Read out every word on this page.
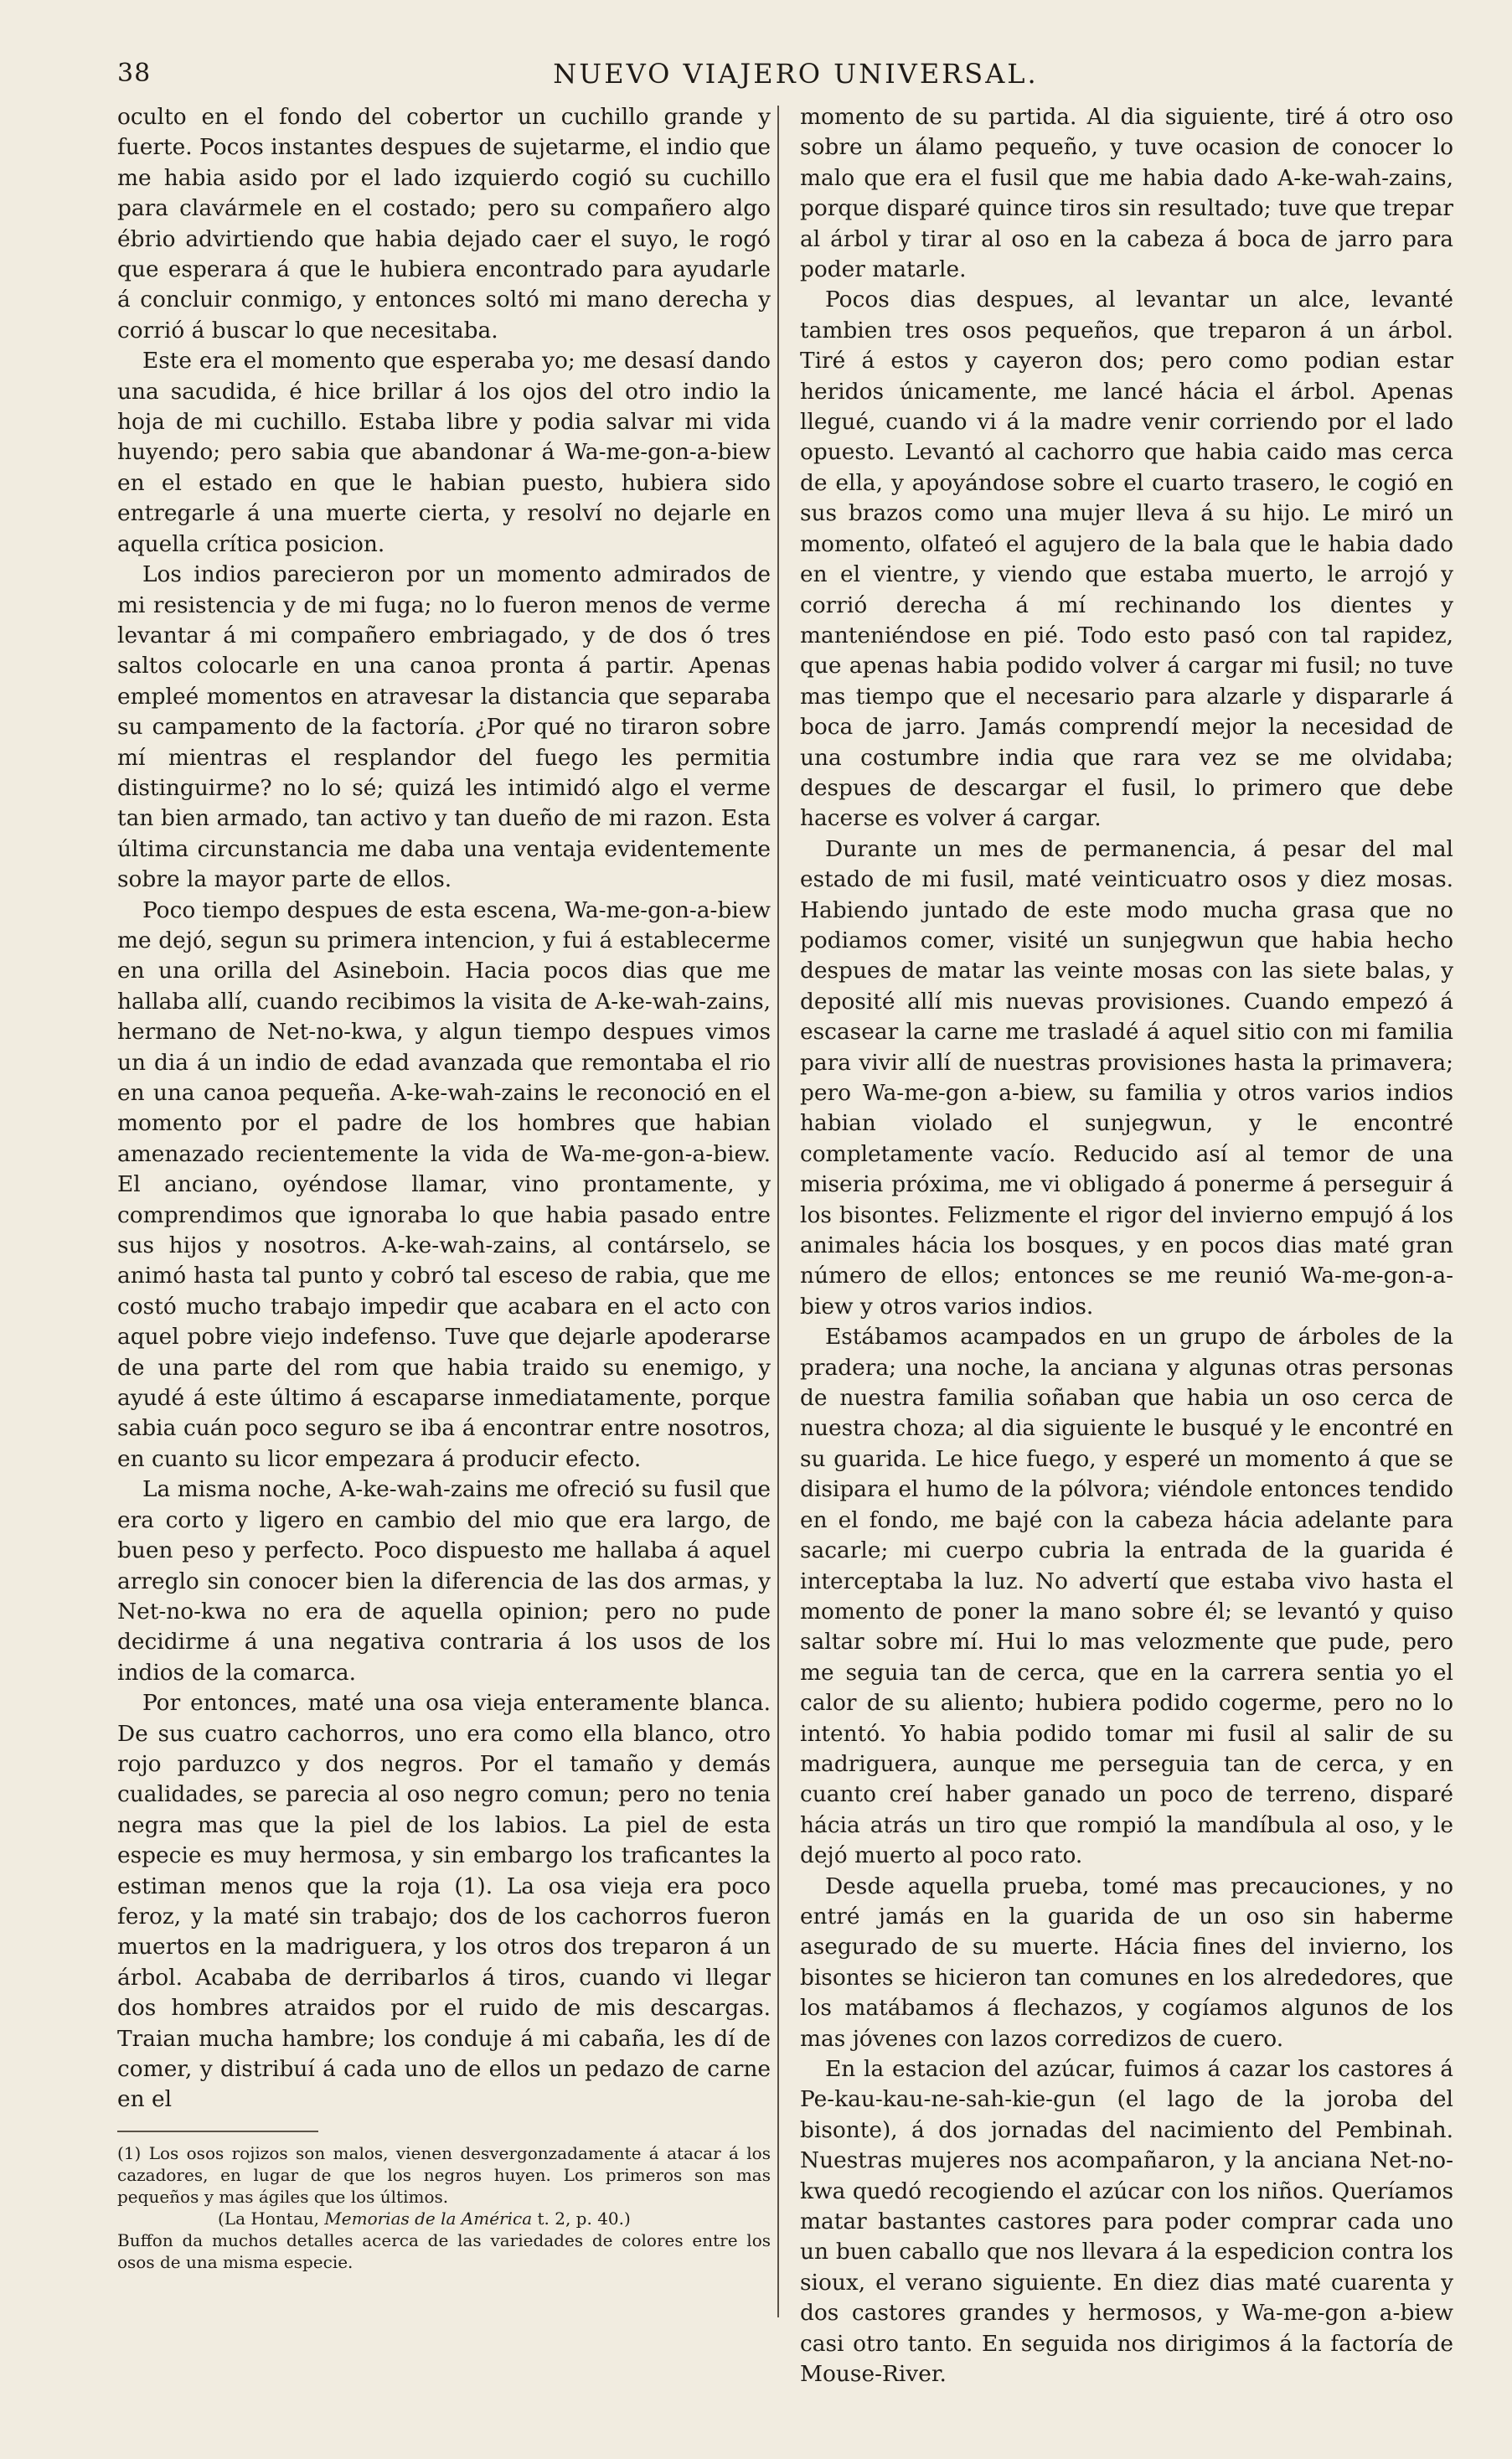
38	NUEVO VIAJERO UNIVERSAL.

oculto en el fondo del cobertor un cuchillo grande y fuerte. Pocos instantes despues de sujetarme, el indio que me habia asido por el lado izquierdo cogió su cuchillo para clavármele en el costado; pero su compañero algo ébrio advirtiendo que habia dejado caer el suyo, le rogó que esperara á que le hubiera encontrado para ayudarle á concluir conmigo, y entonces soltó mi mano derecha y corrió á buscar lo que necesitaba.

Este era el momento que esperaba yo; me desasí dando una sacudida, é hice brillar á los ojos del otro indio la hoja de mi cuchillo. Estaba libre y podia salvar mi vida huyendo; pero sabia que abandonar á Wa-me-gon-a-biew en el estado en que le habian puesto, hubiera sido entregarle á una muerte cierta, y resolví no dejarle en aquella crítica posicion.

Los indios parecieron por un momento admirados de mi resistencia y de mi fuga; no lo fueron menos de verme levantar á mi compañero embriagado, y de dos ó tres saltos colocarle en una canoa pronta á partir. Apenas empleé momentos en atravesar la distancia que separaba su campamento de la factoría. ¿Por qué no tiraron sobre mí mientras el resplandor del fuego les permitia distinguirme? no lo sé; quizá les intimidó algo el verme tan bien armado, tan activo y tan dueño de mi razon. Esta última circunstancia me daba una ventaja evidentemente sobre la mayor parte de ellos.

Poco tiempo despues de esta escena, Wa-me-gon-a-biew me dejó, segun su primera intencion, y fui á establecerme en una orilla del Asineboin. Hacia pocos dias que me hallaba allí, cuando recibimos la visita de A-ke-wah-zains, hermano de Net-no-kwa, y algun tiempo despues vimos un dia á un indio de edad avanzada que remontaba el rio en una canoa pequeña. A-ke-wah-zains le reconoció en el momento por el padre de los hombres que habian amenazado recientemente la vida de Wa-me-gon-a-biew. El anciano, oyéndose llamar, vino prontamente, y comprendimos que ignoraba lo que habia pasado entre sus hijos y nosotros. A-ke-wah-zains, al contárselo, se animó hasta tal punto y cobró tal esceso de rabia, que me costó mucho trabajo impedir que acabara en el acto con aquel pobre viejo indefenso. Tuve que dejarle apoderarse de una parte del rom que habia traido su enemigo, y ayudé á este último á escaparse inmediatamente, porque sabia cuán poco seguro se iba á encontrar entre nosotros, en cuanto su licor empezara á producir efecto.

La misma noche, A-ke-wah-zains me ofreció su fusil que era corto y ligero en cambio del mio que era largo, de buen peso y perfecto. Poco dispuesto me hallaba á aquel arreglo sin conocer bien la diferencia de las dos armas, y Net-no-kwa no era de aquella opinion; pero no pude decidirme á una negativa contraria á los usos de los indios de la comarca.

Por entonces, maté una osa vieja enteramente blanca. De sus cuatro cachorros, uno era como ella blanco, otro rojo parduzco y dos negros. Por el tamaño y demás cualidades, se parecia al oso negro comun; pero no tenia negra mas que la piel de los labios. La piel de esta especie es muy hermosa, y sin embargo los traficantes la estiman menos que la roja (1). La osa vieja era poco feroz, y la maté sin trabajo; dos de los cachorros fueron muertos en la madriguera, y los otros dos treparon á un árbol. Acababa de derribarlos á tiros, cuando vi llegar dos hombres atraidos por el ruido de mis descargas. Traian mucha hambre; los conduje á mi cabaña, les dí de comer, y distribuí á cada uno de ellos un pedazo de carne en el

(1) Los osos rojizos son malos, vienen desvergonzadamente á atacar á los cazadores, en lugar de que los negros huyen. Los primeros son mas pequeños y mas ágiles que los últimos.

(La Hontau, Memorias de la América t. 2, p. 40.)

Buffon da muchos detalles acerca de las variedades de colores entre los osos de una misma especie.

momento de su partida. Al dia siguiente, tiré á otro oso sobre un álamo pequeño, y tuve ocasion de conocer lo malo que era el fusil que me habia dado A-ke-wah-zains, porque disparé quince tiros sin resultado; tuve que trepar al árbol y tirar al oso en la cabeza á boca de jarro para poder matarle.

Pocos dias despues, al levantar un alce, levanté tambien tres osos pequeños, que treparon á un árbol. Tiré á estos y cayeron dos; pero como podian estar heridos únicamente, me lancé hácia el árbol. Apenas llegué, cuando vi á la madre venir corriendo por el lado opuesto. Levantó al cachorro que habia caido mas cerca de ella, y apoyándose sobre el cuarto trasero, le cogió en sus brazos como una mujer lleva á su hijo. Le miró un momento, olfateó el agujero de la bala que le habia dado en el vientre, y viendo que estaba muerto, le arrojó y corrió derecha á mí rechinando los dientes y manteniéndose en pié. Todo esto pasó con tal rapidez, que apenas habia podido volver á cargar mi fusil; no tuve mas tiempo que el necesario para alzarle y dispararle á boca de jarro. Jamás comprendí mejor la necesidad de una costumbre india que rara vez se me olvidaba; despues de descargar el fusil, lo primero que debe hacerse es volver á cargar.

Durante un mes de permanencia, á pesar del mal estado de mi fusil, maté veinticuatro osos y diez mosas. Habiendo juntado de este modo mucha grasa que no podiamos comer, visité un sunjegwun que habia hecho despues de matar las veinte mosas con las siete balas, y deposité allí mis nuevas provisiones. Cuando empezó á escasear la carne me trasladé á aquel sitio con mi familia para vivir allí de nuestras provisiones hasta la primavera; pero Wa-me-gon a-biew, su familia y otros varios indios habian violado el sunjegwun, y le encontré completamente vacío. Reducido así al temor de una miseria próxima, me vi obligado á ponerme á perseguir á los bisontes. Felizmente el rigor del invierno empujó á los animales hácia los bosques, y en pocos dias maté gran número de ellos; entonces se me reunió Wa-me-gon-a-biew y otros varios indios.

Estábamos acampados en un grupo de árboles de la pradera; una noche, la anciana y algunas otras personas de nuestra familia soñaban que habia un oso cerca de nuestra choza; al dia siguiente le busqué y le encontré en su guarida. Le hice fuego, y esperé un momento á que se disipara el humo de la pólvora; viéndole entonces tendido en el fondo, me bajé con la cabeza hácia adelante para sacarle; mi cuerpo cubria la entrada de la guarida é interceptaba la luz. No advertí que estaba vivo hasta el momento de poner la mano sobre él; se levantó y quiso saltar sobre mí. Hui lo mas velozmente que pude, pero me seguia tan de cerca, que en la carrera sentia yo el calor de su aliento; hubiera podido cogerme, pero no lo intentó. Yo habia podido tomar mi fusil al salir de su madriguera, aunque me perseguia tan de cerca, y en cuanto creí haber ganado un poco de terreno, disparé hácia atrás un tiro que rompió la mandíbula al oso, y le dejó muerto al poco rato.

Desde aquella prueba, tomé mas precauciones, y no entré jamás en la guarida de un oso sin haberme asegurado de su muerte. Hácia fines del invierno, los bisontes se hicieron tan comunes en los alrededores, que los matábamos á flechazos, y cogíamos algunos de los mas jóvenes con lazos corredizos de cuero.

En la estacion del azúcar, fuimos á cazar los castores á Pe-kau-kau-ne-sah-kie-gun (el lago de la joroba del bisonte), á dos jornadas del nacimiento del Pembinah. Nuestras mujeres nos acompañaron, y la anciana Net-no-kwa quedó recogiendo el azúcar con los niños. Queríamos matar bastantes castores para poder comprar cada uno un buen caballo que nos llevara á la espedicion contra los sioux, el verano siguiente. En diez dias maté cuarenta y dos castores grandes y hermosos, y Wa-me-gon a-biew casi otro tanto. En seguida nos dirigimos á la factoría de Mouse-River.
